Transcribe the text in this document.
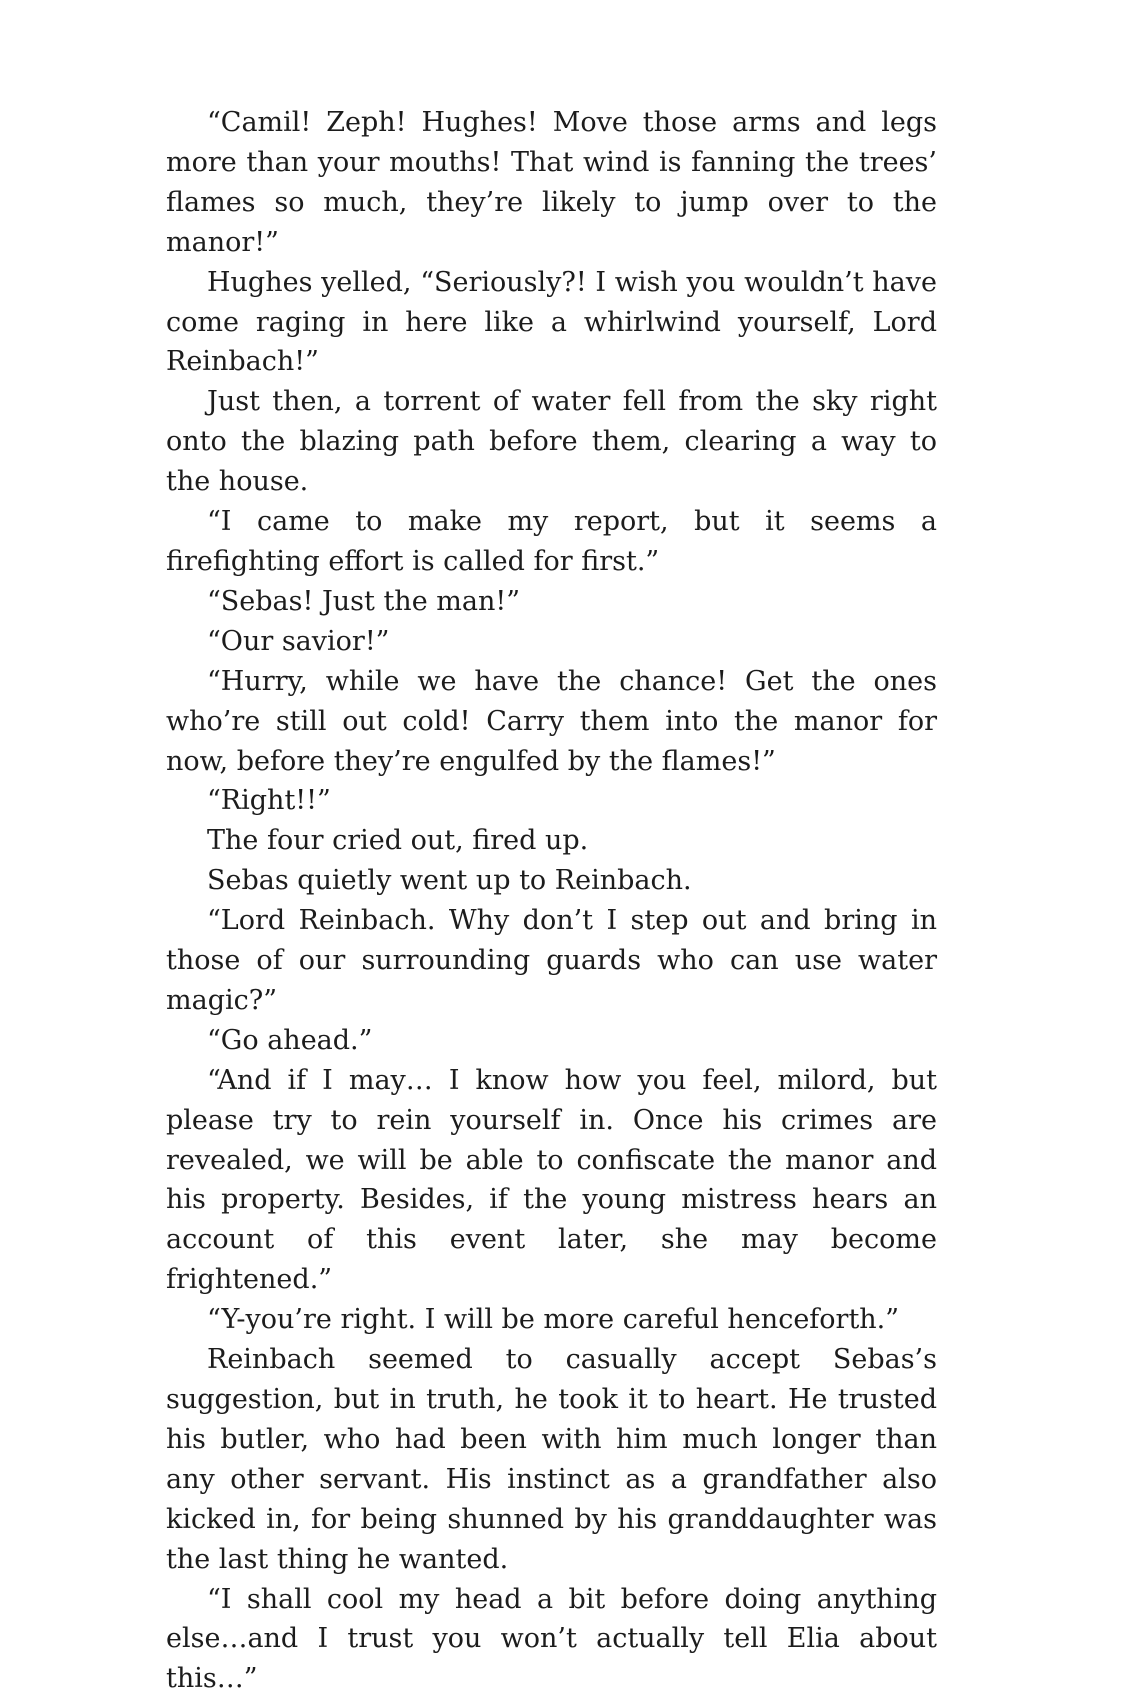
“Camil! Zeph! Hughes! Move those arms and legs more than your mouths! That wind is fanning the trees’ flames so much, they’re likely to jump over to the manor!”

Hughes yelled, “Seriously?! I wish you wouldn’t have come raging in here like a whirlwind yourself, Lord Reinbach!”

Just then, a torrent of water fell from the sky right onto the blazing path before them, clearing a way to the house.

“I came to make my report, but it seems a firefighting effort is called for first.”

“Sebas! Just the man!”

“Our savior!”

“Hurry, while we have the chance! Get the ones who’re still out cold! Carry them into the manor for now, before they’re engulfed by the flames!”

“Right!!”

The four cried out, fired up.

Sebas quietly went up to Reinbach.

“Lord Reinbach. Why don’t I step out and bring in those of our surrounding guards who can use water magic?”

“Go ahead.”

“And if I may… I know how you feel, milord, but please try to rein yourself in. Once his crimes are revealed, we will be able to confiscate the manor and his property. Besides, if the young mistress hears an account of this event later, she may become frightened.”

“Y-you’re right. I will be more careful henceforth.”

Reinbach seemed to casually accept Sebas’s suggestion, but in truth, he took it to heart. He trusted his butler, who had been with him much longer than any other servant. His instinct as a grandfather also kicked in, for being shunned by his granddaughter was the last thing he wanted.

“I shall cool my head a bit before doing anything else…and I trust you won’t actually tell Elia about this…”
